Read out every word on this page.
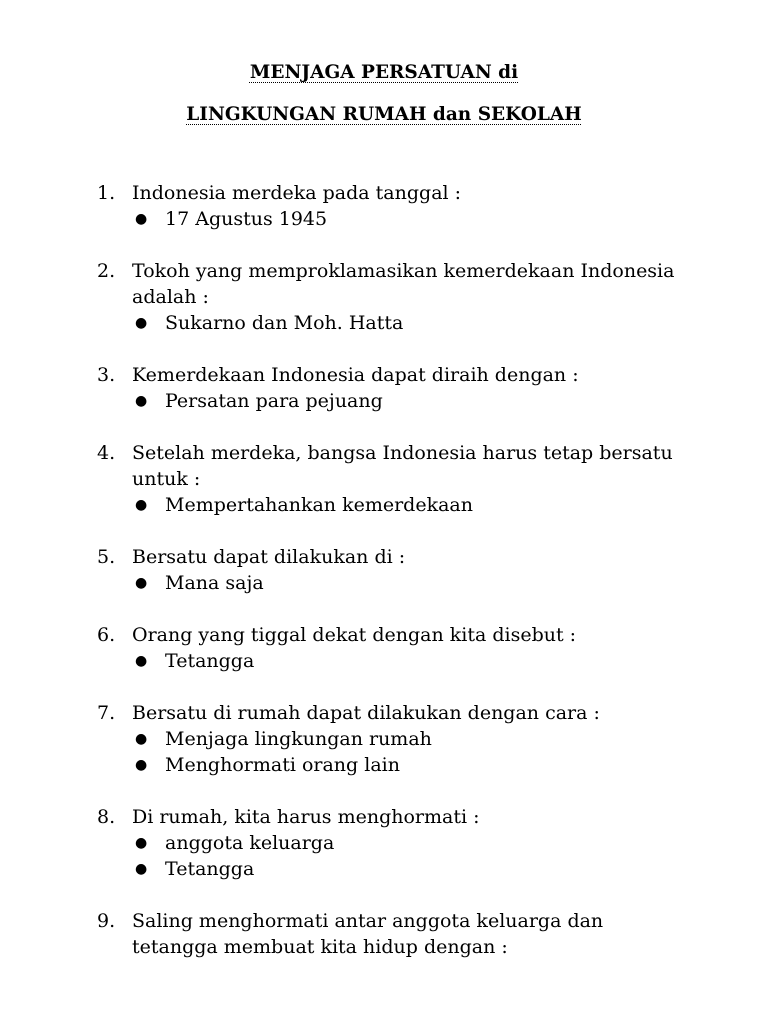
MENJAGA PERSATUAN di
LINGKUNGAN RUMAH dan SEKOLAH
1. Indonesia merdeka pada tanggal :
● 17 Agustus 1945
2. Tokoh yang memproklamasikan kemerdekaan Indonesia adalah :
● Sukarno dan Moh. Hatta
3. Kemerdekaan Indonesia dapat diraih dengan :
● Persatan para pejuang
4. Setelah merdeka, bangsa Indonesia harus tetap bersatu untuk :
● Mempertahankan kemerdekaan
5. Bersatu dapat dilakukan di :
● Mana saja
6. Orang yang tiggal dekat dengan kita disebut :
● Tetangga
7. Bersatu di rumah dapat dilakukan dengan cara :
● Menjaga lingkungan rumah
● Menghormati orang lain
8. Di rumah, kita harus menghormati :
● anggota keluarga
● Tetangga
9. Saling menghormati antar anggota keluarga dan tetangga membuat kita hidup dengan :
